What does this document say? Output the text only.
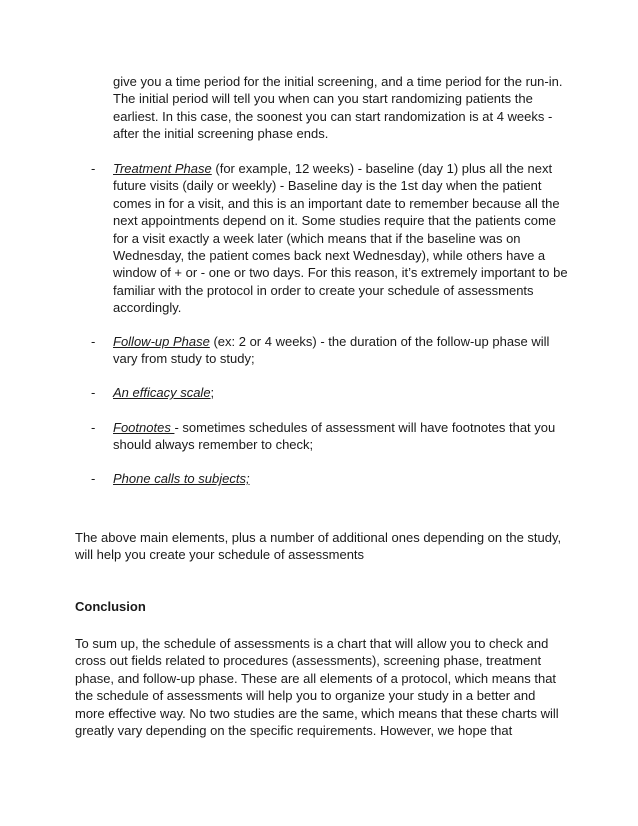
give you a time period for the initial screening, and a time period for the run-in. The initial period will tell you when can you start randomizing patients the earliest. In this case, the soonest you can start randomization is at 4 weeks - after the initial screening phase ends.

- Treatment Phase (for example, 12 weeks) - baseline (day 1) plus all the next future visits (daily or weekly) - Baseline day is the 1st day when the patient comes in for a visit, and this is an important date to remember because all the next appointments depend on it. Some studies require that the patients come for a visit exactly a week later (which means that if the baseline was on Wednesday, the patient comes back next Wednesday), while others have a window of + or - one or two days. For this reason, it’s extremely important to be familiar with the protocol in order to create your schedule of assessments accordingly.

- Follow-up Phase (ex: 2 or 4 weeks) - the duration of the follow-up phase will vary from study to study;

- An efficacy scale;

- Footnotes - sometimes schedules of assessment will have footnotes that you should always remember to check;

- Phone calls to subjects;

The above main elements, plus a number of additional ones depending on the study, will help you create your schedule of assessments

Conclusion

To sum up, the schedule of assessments is a chart that will allow you to check and cross out fields related to procedures (assessments), screening phase, treatment phase, and follow-up phase. These are all elements of a protocol, which means that the schedule of assessments will help you to organize your study in a better and more effective way. No two studies are the same, which means that these charts will greatly vary depending on the specific requirements. However, we hope that
